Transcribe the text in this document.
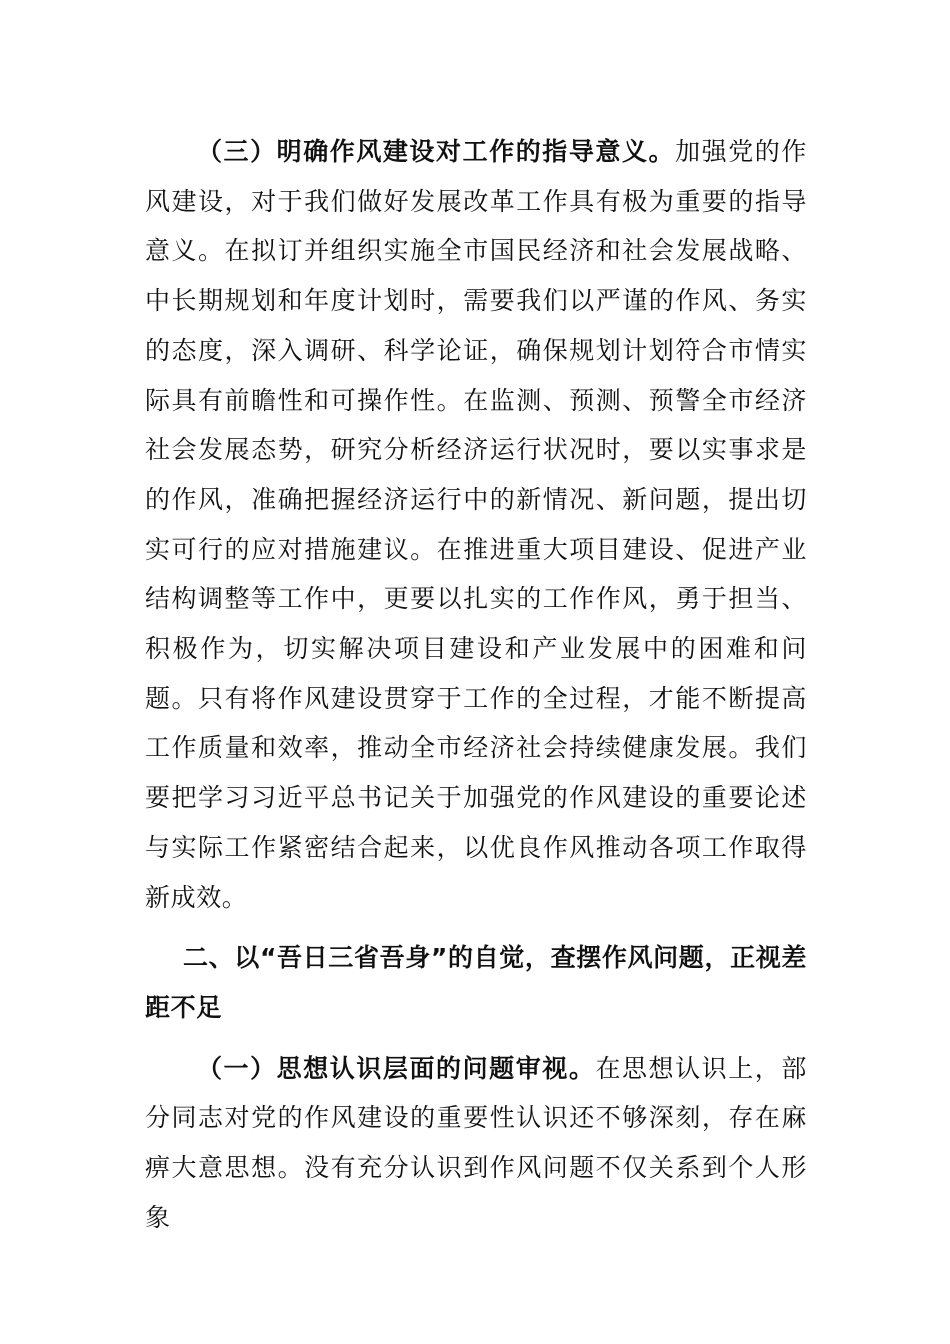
（三）明确作风建设对工作的指导意义。加强党的作风建设，对于我们做好发展改革工作具有极为重要的指导意义。在拟订并组织实施全市国民经济和社会发展战略、中长期规划和年度计划时，需要我们以严谨的作风、务实的态度，深入调研、科学论证，确保规划计划符合市情实际具有前瞻性和可操作性。在监测、预测、预警全市经济社会发展态势，研究分析经济运行状况时，要以实事求是的作风，准确把握经济运行中的新情况、新问题，提出切实可行的应对措施建议。在推进重大项目建设、促进产业结构调整等工作中，更要以扎实的工作作风，勇于担当、积极作为，切实解决项目建设和产业发展中的困难和问题。只有将作风建设贯穿于工作的全过程，才能不断提高工作质量和效率，推动全市经济社会持续健康发展。我们要把学习习近平总书记关于加强党的作风建设的重要论述与实际工作紧密结合起来，以优良作风推动各项工作取得新成效。

二、以“吾日三省吾身”的自觉，查摆作风问题，正视差距不足

（一）思想认识层面的问题审视。在思想认识上，部分同志对党的作风建设的重要性认识还不够深刻，存在麻痹大意思想。没有充分认识到作风问题不仅关系到个人形象
